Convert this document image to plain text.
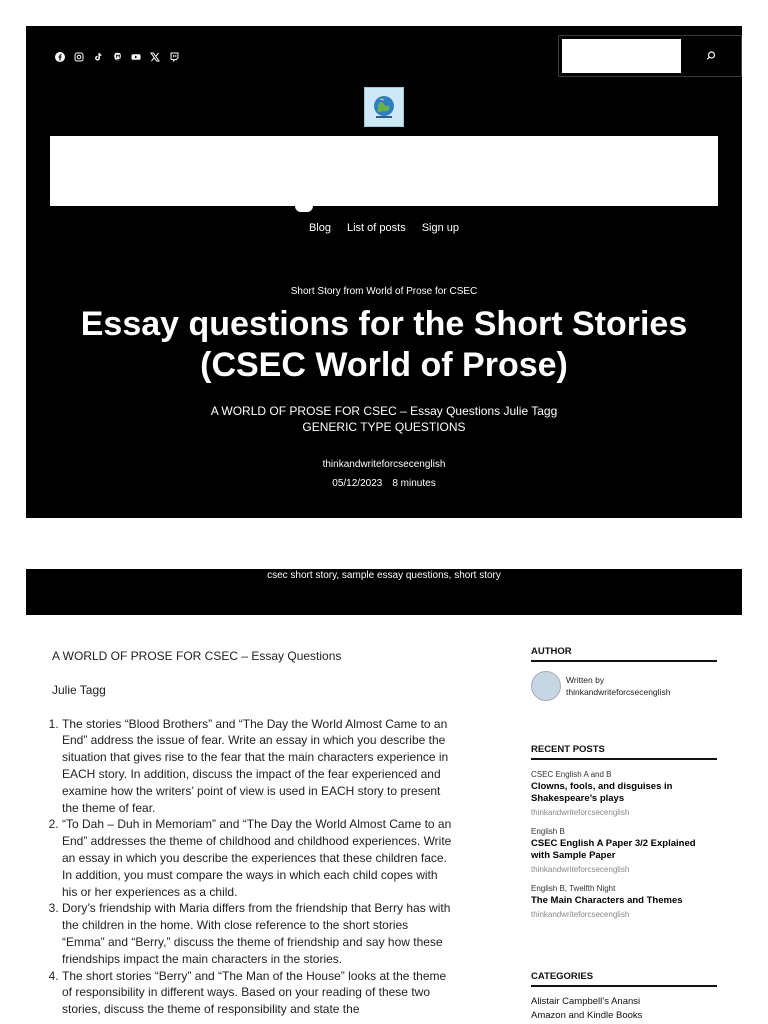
Blog List of posts Sign up
Short Story from World of Prose for CSEC
Essay questions for the Short Stories (CSEC World of Prose)
A WORLD OF PROSE FOR CSEC – Essay Questions Julie Tagg GENERIC TYPE QUESTIONS
thinkandwriteforcsecenglish
05/12/2023 8 minutes
csec short story, sample essay questions, short story

A WORLD OF PROSE FOR CSEC – Essay Questions

Julie Tagg

1. The stories “Blood Brothers” and “The Day the World Almost Came to an End” address the issue of fear. Write an essay in which you describe the situation that gives rise to the fear that the main characters experience in EACH story. In addition, discuss the impact of the fear experienced and examine how the writers’ point of view is used in EACH story to present the theme of fear.
2. “To Dah – Duh in Memoriam” and “The Day the World Almost Came to an End” addresses the theme of childhood and childhood experiences. Write an essay in which you describe the experiences that these children face. In addition, you must compare the ways in which each child copes with his or her experiences as a child.
3. Dory’s friendship with Maria differs from the friendship that Berry has with the children in the home. With close reference to the short stories “Emma” and “Berry,” discuss the theme of friendship and say how these friendships impact the main characters in the stories.
4. The short stories “Berry” and “The Man of the House” looks at the theme of responsibility in different ways. Based on your reading of these two stories, discuss the theme of responsibility and state the
AUTHOR
Written by
thinkandwriteforcsecenglish
RECENT POSTS
CSEC English A and B
Clowns, fools, and disguises in Shakespeare’s plays
thinkandwriteforcsecenglish
English B
CSEC English A Paper 3/2 Explained with Sample Paper
thinkandwriteforcsecenglish
English B, Twelfth Night
The Main Characters and Themes
thinkandwriteforcsecenglish
CATEGORIES
Alistair Campbell’s Anansi
Amazon and Kindle Books
